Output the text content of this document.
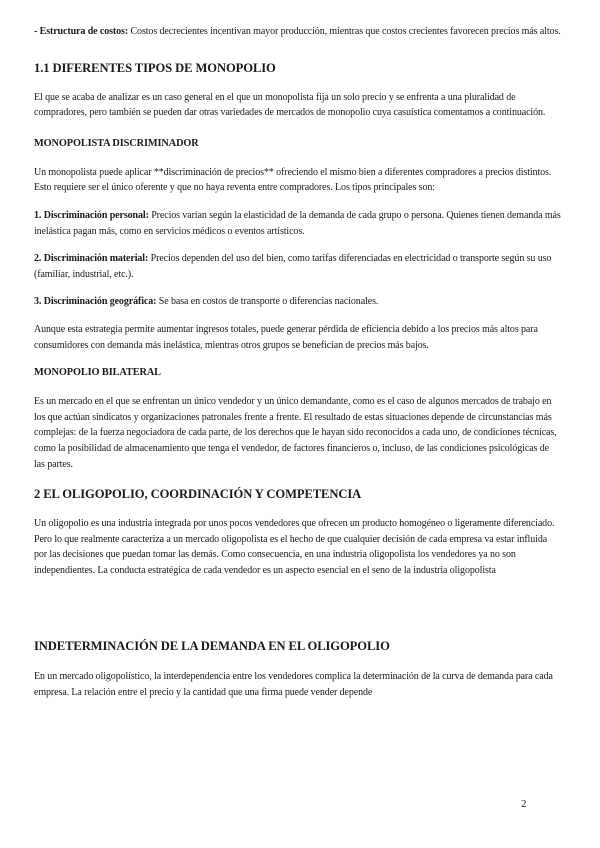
- Estructura de costos: Costos decrecientes incentivan mayor producción, mientras que costos crecientes favorecen precios más altos.

1.1 DIFERENTES TIPOS DE MONOPOLIO

El que se acaba de analizar es un caso general en el que un monopolista fija un solo precio y se enfrenta a una pluralidad de compradores, pero también se pueden dar otras variedades de mercados de monopolio cuya casuística comentamos a continuación.

MONOPOLISTA DISCRIMINADOR

Un monopolista puede aplicar **discriminación de precios** ofreciendo el mismo bien a diferentes compradores a precios distintos. Esto requiere ser el único oferente y que no haya reventa entre compradores. Los tipos principales son:

1. Discriminación personal: Precios varían según la elasticidad de la demanda de cada grupo o persona. Quienes tienen demanda más inelástica pagan más, como en servicios médicos o eventos artísticos.

2. Discriminación material: Precios dependen del uso del bien, como tarifas diferenciadas en electricidad o transporte según su uso (familiar, industrial, etc.).

3. Discriminación geográfica: Se basa en costos de transporte o diferencias nacionales.

Aunque esta estrategia permite aumentar ingresos totales, puede generar pérdida de eficiencia debido a los precios más altos para consumidores con demanda más inelástica, mientras otros grupos se benefician de precios más bajos.

MONOPOLIO BILATERAL

Es un mercado en el que se enfrentan un único vendedor y un único demandante, como es el caso de algunos mercados de trabajo en los que actúan sindicatos y organizaciones patronales frente a frente. El resultado de estas situaciones depende de circunstancias más complejas: de la fuerza negociadora de cada parte, de los derechos que le hayan sido reconocidos a cada uno, de condiciones técnicas, como la posibilidad de almacenamiento que tenga el vendedor, de factores financieros o, incluso, de las condiciones psicológicas de las partes.

2 EL OLIGOPOLIO, COORDINACIÓN Y COMPETENCIA

Un oligopolio es una industria integrada por unos pocos vendedores que ofrecen un producto homogéneo o ligeramente diferenciado. Pero lo que realmente caracteriza a un mercado oligopolista es el hecho de que cualquier decisión de cada empresa va estar influida por las decisiones que puedan tomar las demás. Como consecuencia, en una industria oligopolista los vendedores ya no son independientes. La conducta estratégica de cada vendedor es un aspecto esencial en el seno de la industria oligopolista

INDETERMINACIÓN DE LA DEMANDA EN EL OLIGOPOLIO

En un mercado oligopolístico, la interdependencia entre los vendedores complica la determinación de la curva de demanda para cada empresa. La relación entre el precio y la cantidad que una firma puede vender depende

2
